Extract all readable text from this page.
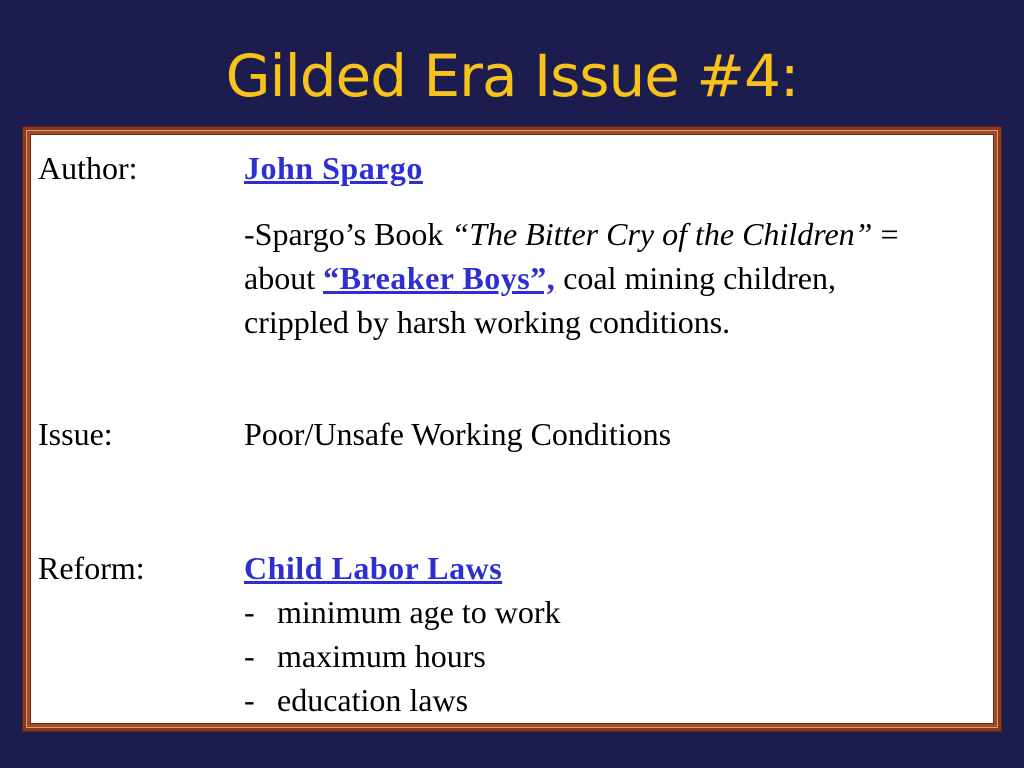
Gilded Era Issue #4:
Author:	John Spargo
-Spargo’s Book “The Bitter Cry of the Children” = about “Breaker Boys”, coal mining children, crippled by harsh working conditions.
Issue:	Poor/Unsafe Working Conditions
Reform:	Child Labor Laws
- minimum age to work
- maximum hours
- education laws
